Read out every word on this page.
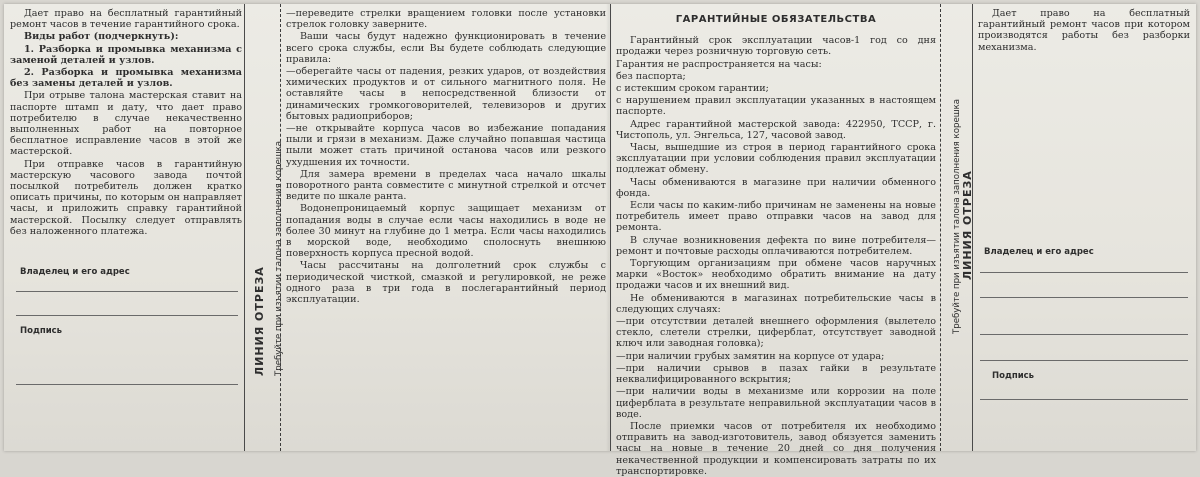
Дает право на бесплатный гарантийный ремонт часов в течение гарантийного срока.

Виды работ (подчеркнуть):

1. Разборка и промывка механизма с заменой деталей и узлов.

2. Разборка и промывка механизма без замены деталей и узлов.

При отрыве талона мастерская ставит на паспорте штамп и дату, что дает право потребителю в случае некачественно выполненных работ на повторное бесплатное исправление часов в этой же мастерской.

При отправке часов в гарантийную мастерскую часового завода почтой посылкой потребитель должен кратко описать причины, по которым он направляет часы, и приложить справку гарантийной мастерской. Посылку следует отправлять без наложенного платежа.

Владелец и его адрес
Подпись	ЛИНИЯ ОТРЕЗА Требуйте при изъятии талона заполнения корешка

—переведите стрелки вращением головки после установки стрелок головку заверните.

Ваши часы будут надежно функционировать в течение всего срока службы, если Вы будете соблюдать следующие правила:

—оберегайте часы от падения, резких ударов, от воздействия химических продуктов и от сильного магнитного поля. Не оставляйте часы в непосредственной близости от динамических громкоговорителей, телевизоров и других бытовых радиоприборов;

—не открывайте корпуса часов во избежание попадания пыли и грязи в механизм. Даже случайно попавшая частица пыли может стать причиной останова часов или резкого ухудшения их точности.

Для замера времени в пределах часа начало шкалы поворотного ранта совместите с минутной стрелкой и отсчет ведите по шкале ранта.

Водонепроницаемый корпус защищает механизм от попадания воды в случае если часы находились в воде не более 30 минут на глубине до 1 метра. Если часы находились в морской воде, необходимо сполоснуть внешнюю поверхность корпуса пресной водой.

Часы рассчитаны на долголетний срок службы с периодической чисткой, смазкой и регулировкой, не реже одного раза в три года в послегарантийный период эксплуатации.

ГАРАНТИЙНЫЕ ОБЯЗАТЕЛЬСТВА

Гарантийный срок эксплуатации часов-1 год со дня продажи через розничную торговую сеть.

Гарантия не распространяется на часы:

без паспорта;

с истекшим сроком гарантии;

с нарушением правил эксплуатации указанных в настоящем паспорте.

Адрес гарантийной мастерской завода: 422950, ТССР, г. Чистополь, ул. Энгельса, 127, часовой завод.

Часы, вышедшие из строя в период гарантийного срока эксплуатации при условии соблюдения правил эксплуатации подлежат обмену.

Часы обмениваются в магазине при наличии обменного фонда.

Если часы по каким-либо причинам не заменены на новые потребитель имеет право отправки часов на завод для ремонта.

В случае возникновения дефекта по вине потребителя—ремонт и почтовые расходы оплачиваются потребителем.

Торгующим организациям при обмене часов наручных марки «Восток» необходимо обратить внимание на дату продажи часов и их внешний вид.

Не обмениваются в магазинах потребительские часы в следующих случаях:

—при отсутствии деталей внешнего оформления (вылетело стекло, слетели стрелки, циферблат, отсутствует заводной ключ или заводная головка);

—при наличии грубых замятин на корпусе от удара;

—при наличии срывов в пазах гайки в результате неквалифицированного вскрытия;

—при наличии воды в механизме или коррозии на поле циферблата в результате неправильной эксплуатации часов в воде.

После приемки часов от потребителя их необходимо отправить на завод-изготовитель, завод обязуется заменить часы на новые в течение 20 дней со дня получения некачественной продукции и компенсировать затраты по их транспортировке.

Требуйте при изъятии талона заполнения корешка ЛИНИЯ ОТРЕЗА

Дает право на бесплатный гарантийный ремонт часов при котором производятся работы без разборки механизма.

Владелец и его адрес
Подпись
